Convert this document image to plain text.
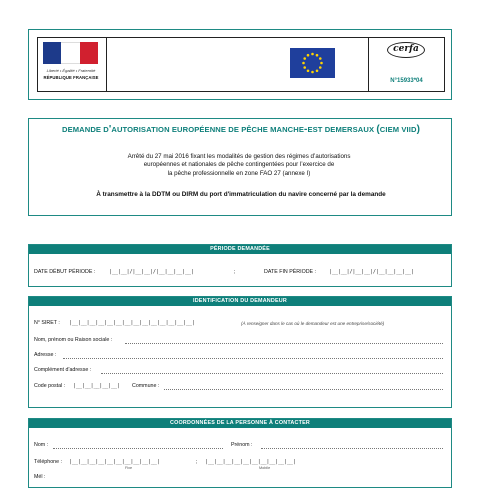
Liberté • Égalité • Fraternité
RÉPUBLIQUE FRANÇAISE
cerfa
N°15933*04
DEMANDE D'AUTORISATION EUROPÉENNE DE PÊCHE MANCHE-EST DEMERSAUX (CIEM VIID)
Arrêté du 27 mai 2016 fixant les modalités de gestion des régimes d’autorisations
européennes et nationales de pêche contingentées pour l’exercice de
la pêche professionnelle en zone FAO 27 (annexe I)
À transmettre à la DDTM ou DIRM du port d'immatriculation du navire concerné par la demande
PÉRIODE DEMANDÉE
DATE DÉBUT PÉRIODE :	|__|__|/|__|__|/|__|__|__|__|	;	DATE FIN PÉRIODE :	|__|__|/|__|__|/|__|__|__|__|
IDENTIFICATION DU DEMANDEUR
N° SIRET : |__|__|__|__|__|__|__|__|__|__|__|__|__|__|	(À renseigner dans le cas où le demandeur est une entreprise/société)
Nom, prénom ou Raison sociale :
Adresse :
Complément d'adresse :
Code postal : |__|__|__|__|__| Commune :
COORDONNÉES DE LA PERSONNE À CONTACTER
Nom :	Prénom :
Téléphone : |__|__|__|__|__|__|__|__|__|__|	; |__|__|__|__|__|__|__|__|__|__|
Fixe	Mobile
Mél :
